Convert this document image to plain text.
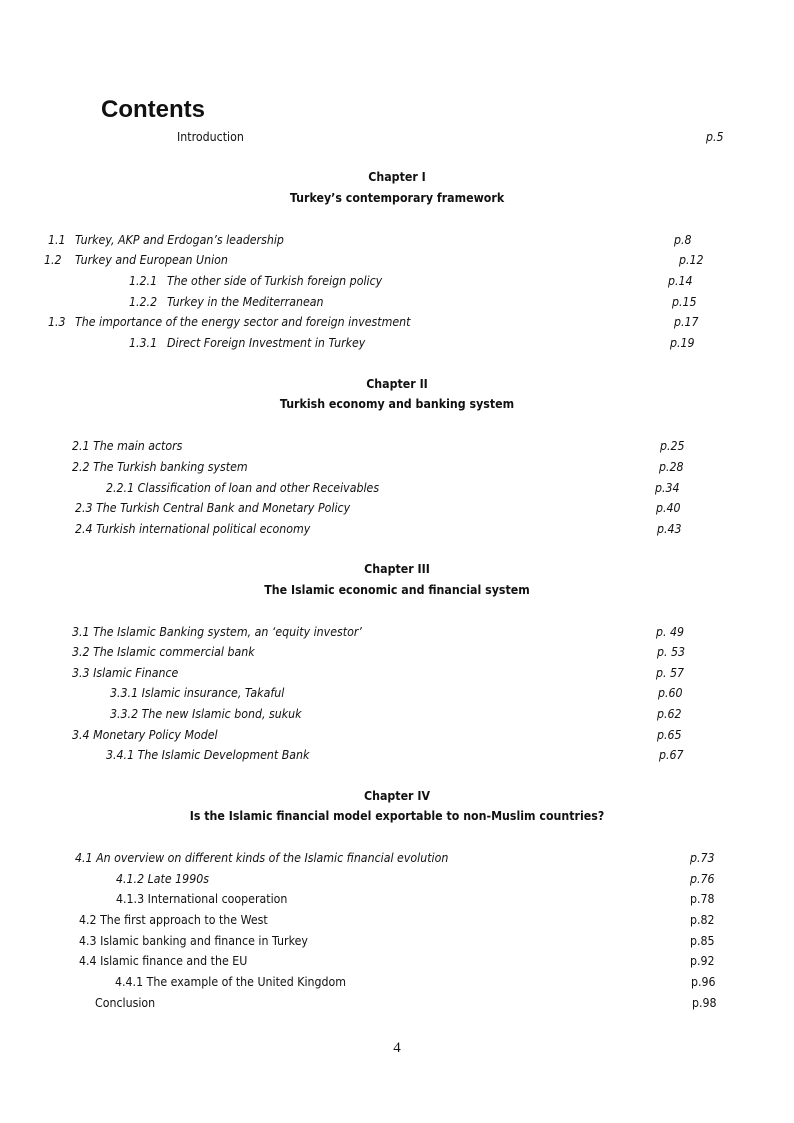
Contents
Introduction	p.5
Chapter I
Turkey’s contemporary framework
1.1 Turkey, AKP and Erdogan’s leadership	p.8
1.2 Turkey and European Union	p.12
1.2.1 The other side of Turkish foreign policy	p.14
1.2.2 Turkey in the Mediterranean	p.15
1.3 The importance of the energy sector and foreign investment	p.17
1.3.1 Direct Foreign Investment in Turkey	p.19
Chapter II
Turkish economy and banking system
2.1 The main actors	p.25
2.2 The Turkish banking system	p.28
2.2.1 Classification of loan and other Receivables	p.34
2.3 The Turkish Central Bank and Monetary Policy	p.40
2.4 Turkish international political economy	p.43
Chapter III
The Islamic economic and financial system
3.1 The Islamic Banking system, an ‘equity investor’	p. 49
3.2 The Islamic commercial bank	p. 53
3.3 Islamic Finance	p. 57
3.3.1 Islamic insurance, Takaful	p.60
3.3.2 The new Islamic bond, sukuk	p.62
3.4 Monetary Policy Model	p.65
3.4.1 The Islamic Development Bank	p.67
Chapter IV
Is the Islamic financial model exportable to non-Muslim countries?
4.1 An overview on different kinds of the Islamic financial evolution	p.73
4.1.2 Late 1990s	p.76
4.1.3 International cooperation	p.78
4.2 The first approach to the West	p.82
4.3 Islamic banking and finance in Turkey	p.85
4.4 Islamic finance and the EU	p.92
4.4.1 The example of the United Kingdom	p.96
Conclusion	p.98
4
